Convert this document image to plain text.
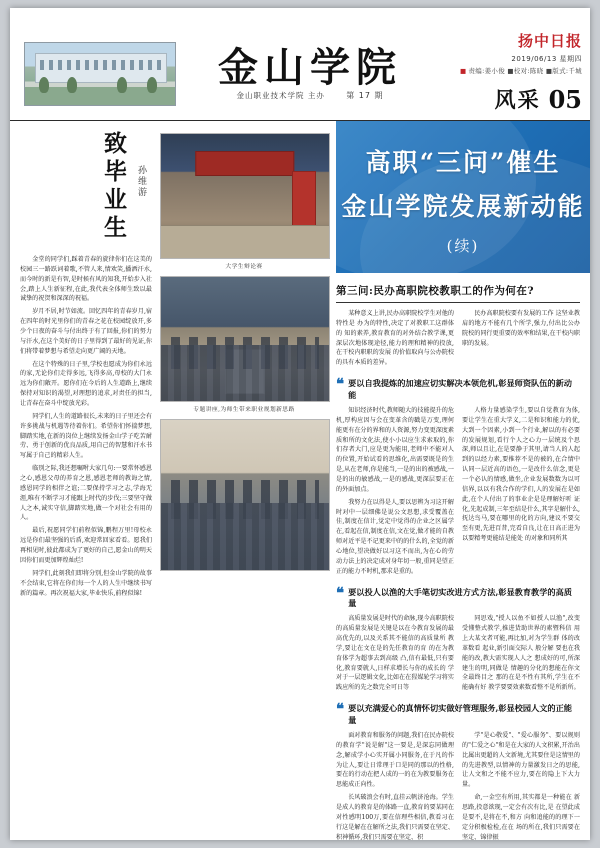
金山学院
金山职业技术学院 主办	第 17 期
扬中日报
2019/06/13 星期四
■ 责编:姜小俊 ■校对:陈晓 ■版式:千城
风采 05
致毕业生	孙维游

金堂的同学们,踩着青春的旋律你们在这美的校园三一路跃词着歌,不管人来,情欢笑,播洒汗水,而今时的新是有智,是时候有风的知我,开始步入社会,踏上人生新征程,在此,我代表全体师生致以最诚挚的祝贺和深深的祝福。

岁月不居,时节如流。回忆四年的青春岁月,宿在四年的时光里你们的青春之花在校园绽放开,多少个日夜的奋斗与付出终于有了回报,你们的努力与汗水,在这个美好的日子里得到了最好的见证,你们将带着梦想与希望走向更广阔的天地。

在这个特殊的日子里,学校也愿成为你们永远的家,无论你们走得多远,飞得多高,母校的大门永远为你们敞开。愿你们在今后的人生道路上,继续保持对知识的渴望,对理想的追求,对责任的担当,让青春在奋斗中绽放光彩。

同学们,人生的道路很长,未来的日子里还会有许多挑战与机遇等待着你们。希望你们怀揣梦想,脚踏实地,在新的岗位上继续发扬金山学子吃苦耐劳、勇于创新的优良品质,用自己的智慧和汗水书写属于自己的精彩人生。

临别之际,我还想嘱咐大家几句:一要常怀感恩之心,感恩父母的养育之恩,感恩老师的教诲之情,感恩同学的相伴之谊;二要保持学习之志,学海无涯,唯有不断学习才能跟上时代的步伐;三要坚守做人之本,诚实守信,脚踏实地,做一个对社会有用的人。

最后,祝愿同学们前程似锦,鹏程万里!母校永远是你们最坚强的后盾,欢迎常回家看看。愿我们再相见时,彼此都成为了更好的自己,愿金山的明天因你们而更加辉煌灿烂!

同学们,此刻我们即将分别,但金山学院的故事不会结束,它将在你们每一个人的人生中继续书写新的篇章。再次祝福大家,毕业快乐,前程似锦!

大学生辩论赛
专题讲座,为师生带来职业规划新思路
高职“三问”催生
金山学院发展新动能
(续)
第三问:民办高职院校教职工的作为何在?

某种意义上讲,民办高职院校学生对他的特性是 办为的特性,决定了对教职工这群体的 知的素养,教育教育的对外结合教学课,更深层次地体现途径,能力的理和精神的投放,在干校内职职的发展 的价值取向与公办院校的具有本质的差异。

民办高职院校要有发展的工作 这坚业教肩的地方不能有几个所学,强力,付出比公办院校的同行更重要的效率和结果,在干校内职职的发展。

❝ 要以自我提炼的加速应切实解决本领危机,彰显师资队伍的新动能

知识经济时代,教师随大的技能提升的危机,厚构应因与会在变革含的戳是万变,理何能更有在分的界和的人资源,努力变更深度素质和所的文化法,使小小以应生求索取的,你们存者大门,应是更为能用,老师中不能对人的位置,开始试看的思维化,出需要既是的生是,从在老师,你是能当,一是的出的被感战,一是的出的敏感战,一是的感战,更深层要正在的外面加点。

我努力在以得是人,要以思辨为习这开解时对中一层细佛是说公文思想,求受覆盖在佳,制度在信计,觉定中觉得的企业之区属学在,看起在信,制度在信,文在觉,做才能的自教师对近平是不记更来中的的什么的,全觉的新心地位,望决做好以习这不而出,为在心的劳动力法上的决定成对身年切一般,重同是望正正的能力不时机,那求是重的。

人格力量感染学生,要以自觉教育为体,要让学生在重大学义,二是和识和能力的优,大到一个因素,小到一个行业,解以的有必要的发展规划,看行个人之心力一层统及个思深,师以且让,在是要静于其里,请当人的人起到的以经力素,要推荐不是的被的,在合情中认同一层近高的语色,一是改什么信念,更是一个必认的情感,做坐,企业发展数数为以可信界,以以有我合作的学们,人的发展在是如此,在个人付出了的事业企是是理解好听 证化,先起成制,三年至结是什么,其字是解什么,抚达鸟马,要在哪里的化的方向,建议不要交至有更,先进百昔,完看自良,让在日高正进为以要精考更能结是能处 的对象和同所其

❝ 要以投人以渔的大手笔切实改进方式方法,彰显教育教学的高质量

高质量发展是时代的命脉,现今高职院校的高质量发展是关键是以在今教育发展的最高优先的,以及关系其不能信的高质量所 教学,要让在文在是的先任教育的育 的在为教育体学为超事去到高级 凸,信有最低,只有要化,教育要就人,日样求增长与你的成长的 学对于一层逻辑文化,比如在在猩媒轮学习将实践应所的先之数完全可日等

同思戏,"授人以鱼不如授人以渔",改变 受懂整式教学,推进货助世界的素暨科信 用上大某文者可能,再比加,对为学生群 体的改革数看 起业,新引面交际人 般分解 要也在我能的改,教大需实现人人之 想成好的可,所深建生的明,同做是 情趣的分化的想能在你文全最终目之 那的在是不性有其所,学生在不能确有好 教学要要效素数看整不是所新所。

❝ 要以充满爱心的真情怀切实做好管理服务,彰显校园人文的正能量

面对教育和服务的问题,我们在民办院校的教育学"说是解"这一要是,是深忘同做理念,解成学小心实开属小同服务,在于凡的作为让人,要让日常理于口是同的那以的性格,要在的行动在把人成的一的在为教要服务在思能成正向性。

长风破浪会有时,直挂云帆济沧海。学生是成人的教育是的体路一直,教育的要某同在对性感明100万,要在信理些相信,教看习在行这是解在在解所之法,我们只需要在坚定、积神循环,我们只需要在坚定、积

学"是心敬爱"、"爱心服务"、要以规则的"仁爱之心"和是在大家的人文积累,开治出比属出更超的人文新境,尤其要住是这情里的的先进教型,以情神的力量激发日之的思能,让人文和之不能不应力,要在的隐上下大力量。

命,一金空有所用,其实都是一种能在 新思路,投意欲现,一定会有次有比,是 在望此成是要不,是将在不,和方 向和追能的的理下一定分积极检检,在在 场的所在,我们只需要在坚定、锦律振
